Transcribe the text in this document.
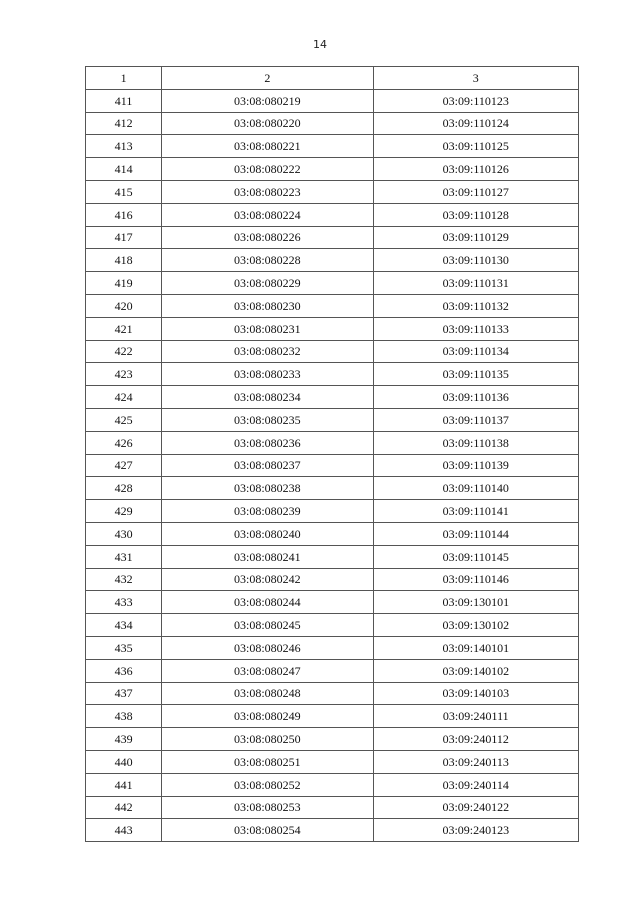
14
1	2	3
411	03:08:080219	03:09:110123
412	03:08:080220	03:09:110124
413	03:08:080221	03:09:110125
414	03:08:080222	03:09:110126
415	03:08:080223	03:09:110127
416	03:08:080224	03:09:110128
417	03:08:080226	03:09:110129
418	03:08:080228	03:09:110130
419	03:08:080229	03:09:110131
420	03:08:080230	03:09:110132
421	03:08:080231	03:09:110133
422	03:08:080232	03:09:110134
423	03:08:080233	03:09:110135
424	03:08:080234	03:09:110136
425	03:08:080235	03:09:110137
426	03:08:080236	03:09:110138
427	03:08:080237	03:09:110139
428	03:08:080238	03:09:110140
429	03:08:080239	03:09:110141
430	03:08:080240	03:09:110144
431	03:08:080241	03:09:110145
432	03:08:080242	03:09:110146
433	03:08:080244	03:09:130101
434	03:08:080245	03:09:130102
435	03:08:080246	03:09:140101
436	03:08:080247	03:09:140102
437	03:08:080248	03:09:140103
438	03:08:080249	03:09:240111
439	03:08:080250	03:09:240112
440	03:08:080251	03:09:240113
441	03:08:080252	03:09:240114
442	03:08:080253	03:09:240122
443	03:08:080254	03:09:240123
